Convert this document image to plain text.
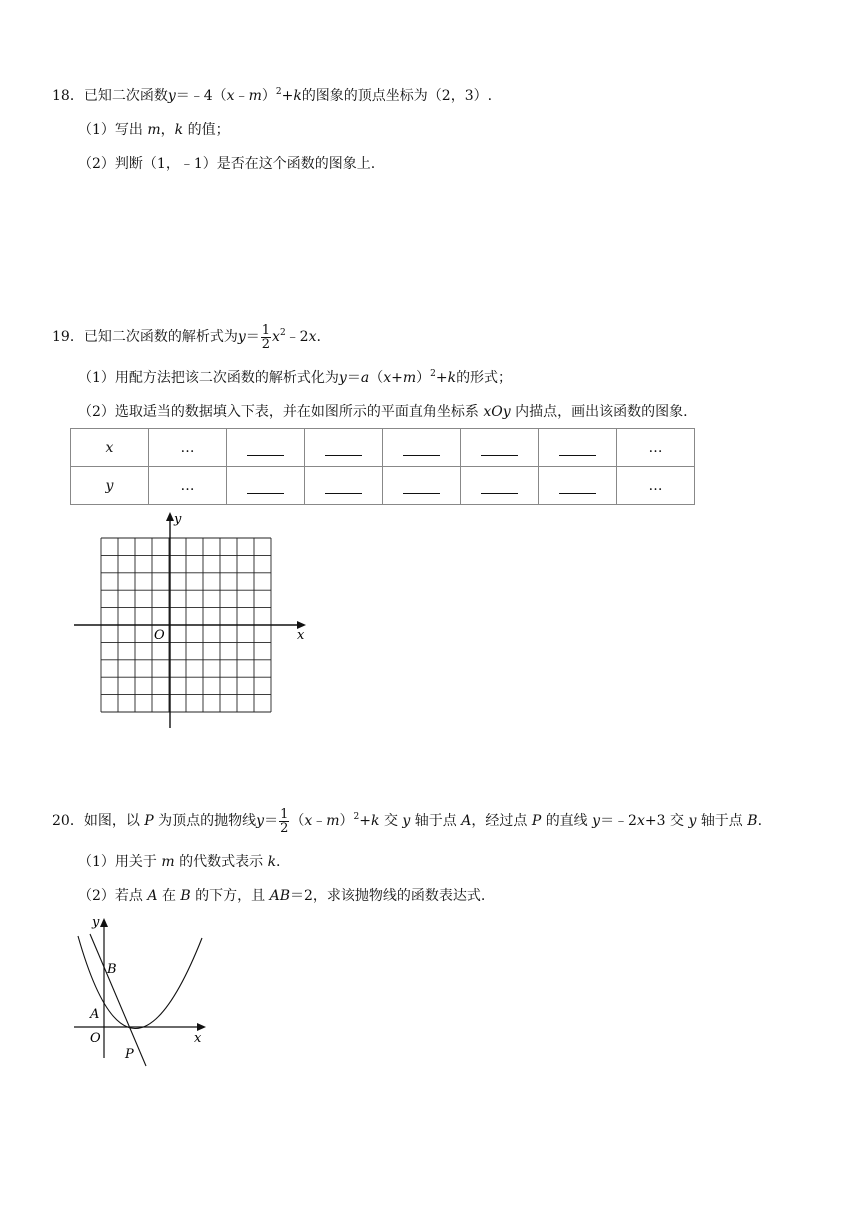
18．已知二次函数y＝﹣4（x﹣m）$^2$+k的图象的顶点坐标为（2，3）.
（1）写出 m，k 的值；
（2）判断（1，﹣1）是否在这个函数的图象上.
19．已知二次函数的解析式为$y= \frac{1}{2}$ $x^2﹣2x$.
（1）用配方法把该二次函数的解析式化为$y=a(x+m)^2+k$的形式；
（2）选取适当的数据填入下表，并在如图所示的平面直角坐标系 xOy 内描点，画出该函数的图象.
x	…						…
y	…						…
x
y
O
20．如图，以 P 为顶点的抛物线$y= \frac{1}{2}$ （x﹣m）$^2$+k 交 y 轴于点 A，经过点 P 的直线 y＝﹣2x+3 交 y 轴于点 B.
（1）用关于 m 的代数式表示 k.
（2）若点 A 在 B 的下方，且 AB＝2，求该抛物线的函数表达式.
y
x
O
A
B
P
